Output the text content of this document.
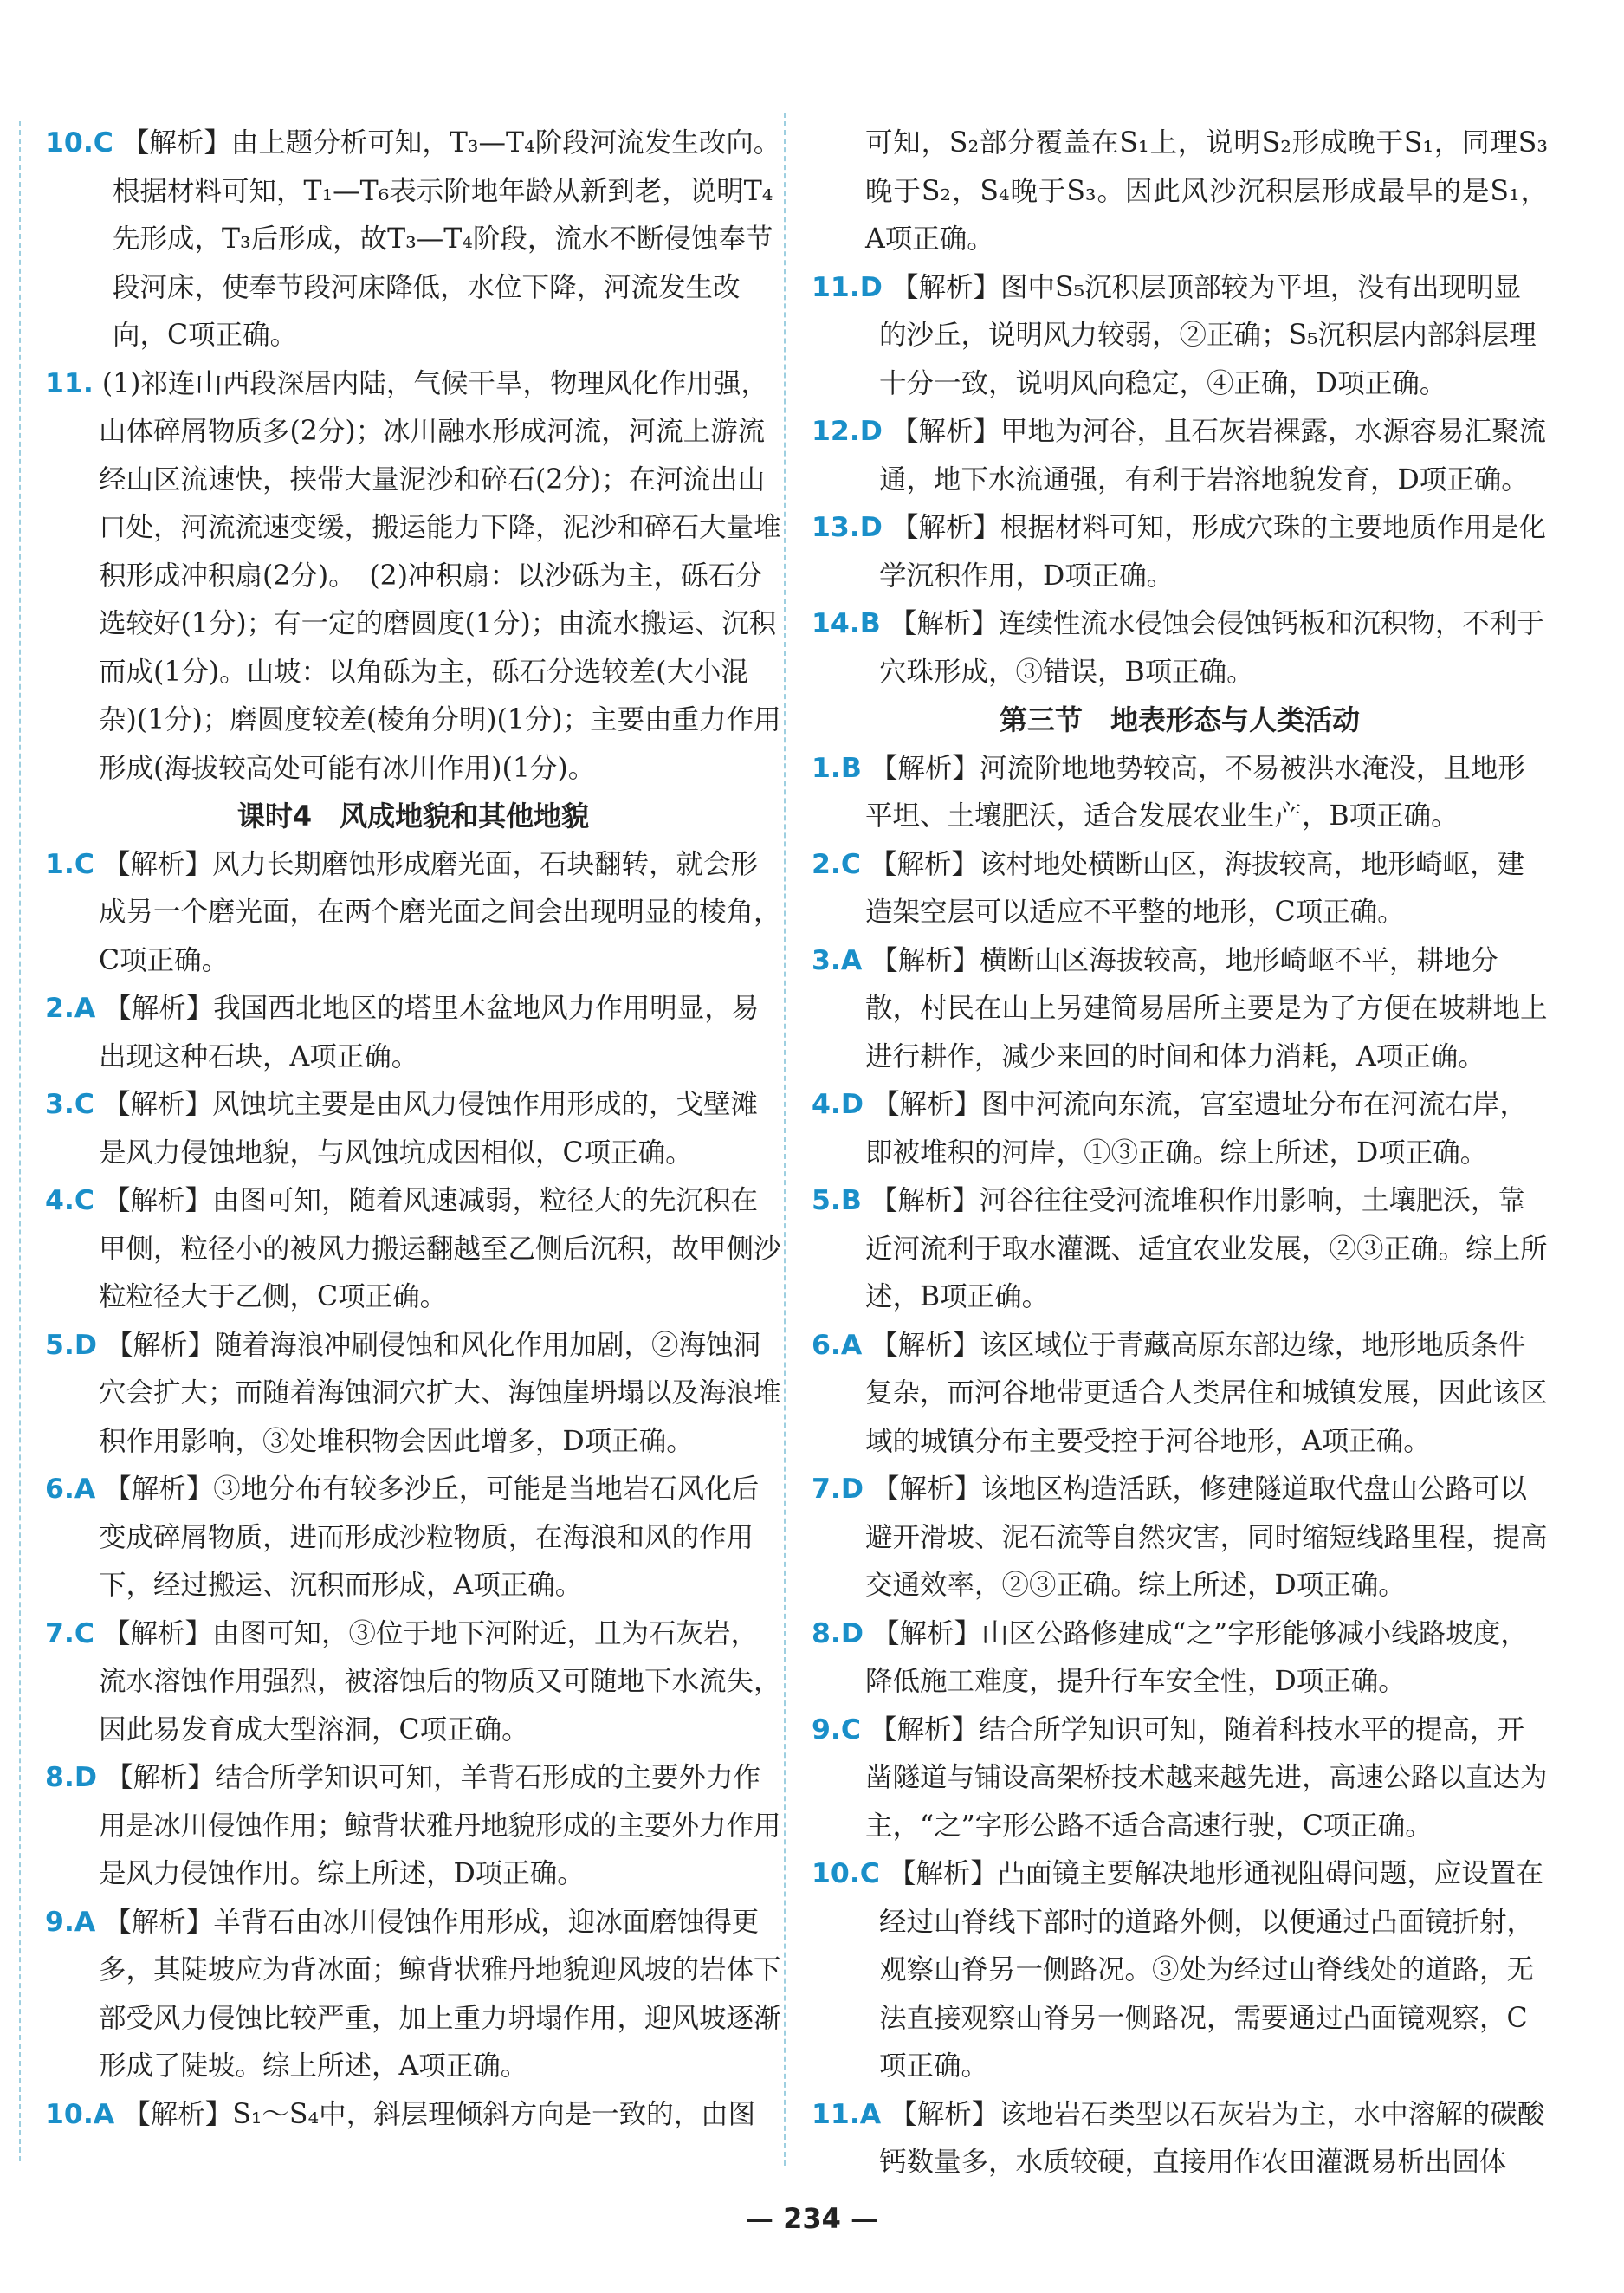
10.C 【解析】由上题分析可知，T₃—T₄阶段河流发生改向。根据材料可知，T₁—T₆表示阶地年龄从新到老，说明T₄先形成，T₃后形成，故T₃—T₄阶段，流水不断侵蚀奉节段河床，使奉节段河床降低，水位下降，河流发生改向，C项正确。
11. (1)祁连山西段深居内陆，气候干旱，物理风化作用强，山体碎屑物质多(2分)；冰川融水形成河流，河流上游流经山区流速快，挟带大量泥沙和碎石(2分)；在河流出山口处，河流流速变缓，搬运能力下降，泥沙和碎石大量堆积形成冲积扇(2分)。　(2)冲积扇：以沙砾为主，砾石分选较好(1分)；有一定的磨圆度(1分)；由流水搬运、沉积而成(1分)。山坡：以角砾为主，砾石分选较差(大小混杂)(1分)；磨圆度较差(棱角分明)(1分)；主要由重力作用形成(海拔较高处可能有冰川作用)(1分)。
课时4　风成地貌和其他地貌
1.C 【解析】风力长期磨蚀形成磨光面，石块翻转，就会形成另一个磨光面，在两个磨光面之间会出现明显的棱角，C项正确。
2.A 【解析】我国西北地区的塔里木盆地风力作用明显，易出现这种石块，A项正确。
3.C 【解析】风蚀坑主要是由风力侵蚀作用形成的，戈壁滩是风力侵蚀地貌，与风蚀坑成因相似，C项正确。
4.C 【解析】由图可知，随着风速减弱，粒径大的先沉积在甲侧，粒径小的被风力搬运翻越至乙侧后沉积，故甲侧沙粒粒径大于乙侧，C项正确。
5.D 【解析】随着海浪冲刷侵蚀和风化作用加剧，②海蚀洞穴会扩大；而随着海蚀洞穴扩大、海蚀崖坍塌以及海浪堆积作用影响，③处堆积物会因此增多，D项正确。
6.A 【解析】③地分布有较多沙丘，可能是当地岩石风化后变成碎屑物质，进而形成沙粒物质，在海浪和风的作用下，经过搬运、沉积而形成，A项正确。
7.C 【解析】由图可知，③位于地下河附近，且为石灰岩，流水溶蚀作用强烈，被溶蚀后的物质又可随地下水流失，因此易发育成大型溶洞，C项正确。
8.D 【解析】结合所学知识可知，羊背石形成的主要外力作用是冰川侵蚀作用；鲸背状雅丹地貌形成的主要外力作用是风力侵蚀作用。综上所述，D项正确。
9.A 【解析】羊背石由冰川侵蚀作用形成，迎冰面磨蚀得更多，其陡坡应为背冰面；鲸背状雅丹地貌迎风坡的岩体下部受风力侵蚀比较严重，加上重力坍塌作用，迎风坡逐渐形成了陡坡。综上所述，A项正确。
10.A 【解析】S₁～S₄中，斜层理倾斜方向是一致的，由图
可知，S₂部分覆盖在S₁上，说明S₂形成晚于S₁，同理S₃晚于S₂，S₄晚于S₃。因此风沙沉积层形成最早的是S₁，A项正确。
11.D 【解析】图中S₅沉积层顶部较为平坦，没有出现明显的沙丘，说明风力较弱，②正确；S₅沉积层内部斜层理十分一致，说明风向稳定，④正确，D项正确。
12.D 【解析】甲地为河谷，且石灰岩裸露，水源容易汇聚流通，地下水流通强，有利于岩溶地貌发育，D项正确。
13.D 【解析】根据材料可知，形成穴珠的主要地质作用是化学沉积作用，D项正确。
14.B 【解析】连续性流水侵蚀会侵蚀钙板和沉积物，不利于穴珠形成，③错误，B项正确。
第三节　地表形态与人类活动
1.B 【解析】河流阶地地势较高，不易被洪水淹没，且地形平坦、土壤肥沃，适合发展农业生产，B项正确。
2.C 【解析】该村地处横断山区，海拔较高，地形崎岖，建造架空层可以适应不平整的地形，C项正确。
3.A 【解析】横断山区海拔较高，地形崎岖不平，耕地分散，村民在山上另建简易居所主要是为了方便在坡耕地上进行耕作，减少来回的时间和体力消耗，A项正确。
4.D 【解析】图中河流向东流，宫室遗址分布在河流右岸，即被堆积的河岸，①③正确。综上所述，D项正确。
5.B 【解析】河谷往往受河流堆积作用影响，土壤肥沃，靠近河流利于取水灌溉、适宜农业发展，②③正确。综上所述，B项正确。
6.A 【解析】该区域位于青藏高原东部边缘，地形地质条件复杂，而河谷地带更适合人类居住和城镇发展，因此该区域的城镇分布主要受控于河谷地形，A项正确。
7.D 【解析】该地区构造活跃，修建隧道取代盘山公路可以避开滑坡、泥石流等自然灾害，同时缩短线路里程，提高交通效率，②③正确。综上所述，D项正确。
8.D 【解析】山区公路修建成“之”字形能够减小线路坡度，降低施工难度，提升行车安全性，D项正确。
9.C 【解析】结合所学知识可知，随着科技水平的提高，开凿隧道与铺设高架桥技术越来越先进，高速公路以直达为主，“之”字形公路不适合高速行驶，C项正确。
10.C 【解析】凸面镜主要解决地形通视阻碍问题，应设置在经过山脊线下部时的道路外侧，以便通过凸面镜折射，观察山脊另一侧路况。③处为经过山脊线处的道路，无法直接观察山脊另一侧路况，需要通过凸面镜观察，C项正确。
11.A 【解析】该地岩石类型以石灰岩为主，水中溶解的碳酸钙数量多，水质较硬，直接用作农田灌溉易析出固体
— 234 —
